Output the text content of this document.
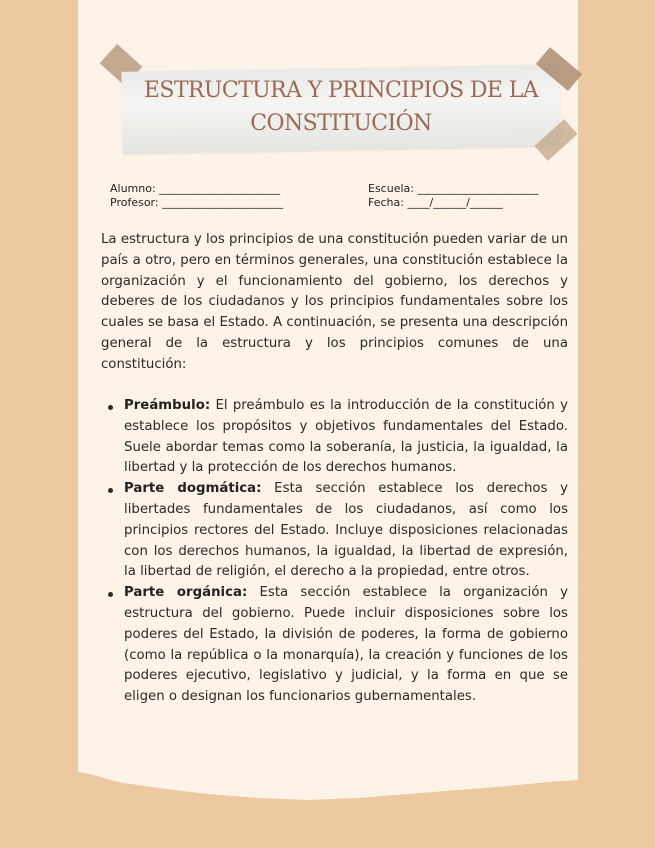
ESTRUCTURA Y PRINCIPIOS DE LA
CONSTITUCIÓN
Alumno: ______________________
Profesor: ______________________
Escuela: ______________________
Fecha: ____/______/______

La estructura y los principios de una constitución pueden variar de un país a otro, pero en términos generales, una constitución establece la organización y el funcionamiento del gobierno, los derechos y deberes de los ciudadanos y los principios fundamentales sobre los cuales se basa el Estado. A continuación, se presenta una descripción general de la estructura y los principios comunes de una constitución:

Preámbulo: El preámbulo es la introducción de la constitución y establece los propósitos y objetivos fundamentales del Estado. Suele abordar temas como la soberanía, la justicia, la igualdad, la libertad y la protección de los derechos humanos.
Parte dogmática: Esta sección establece los derechos y libertades fundamentales de los ciudadanos, así como los principios rectores del Estado. Incluye disposiciones relacionadas con los derechos humanos, la igualdad, la libertad de expresión, la libertad de religión, el derecho a la propiedad, entre otros.
Parte orgánica: Esta sección establece la organización y estructura del gobierno. Puede incluir disposiciones sobre los poderes del Estado, la división de poderes, la forma de gobierno (como la república o la monarquía), la creación y funciones de los poderes ejecutivo, legislativo y judicial, y la forma en que se eligen o designan los funcionarios gubernamentales.
